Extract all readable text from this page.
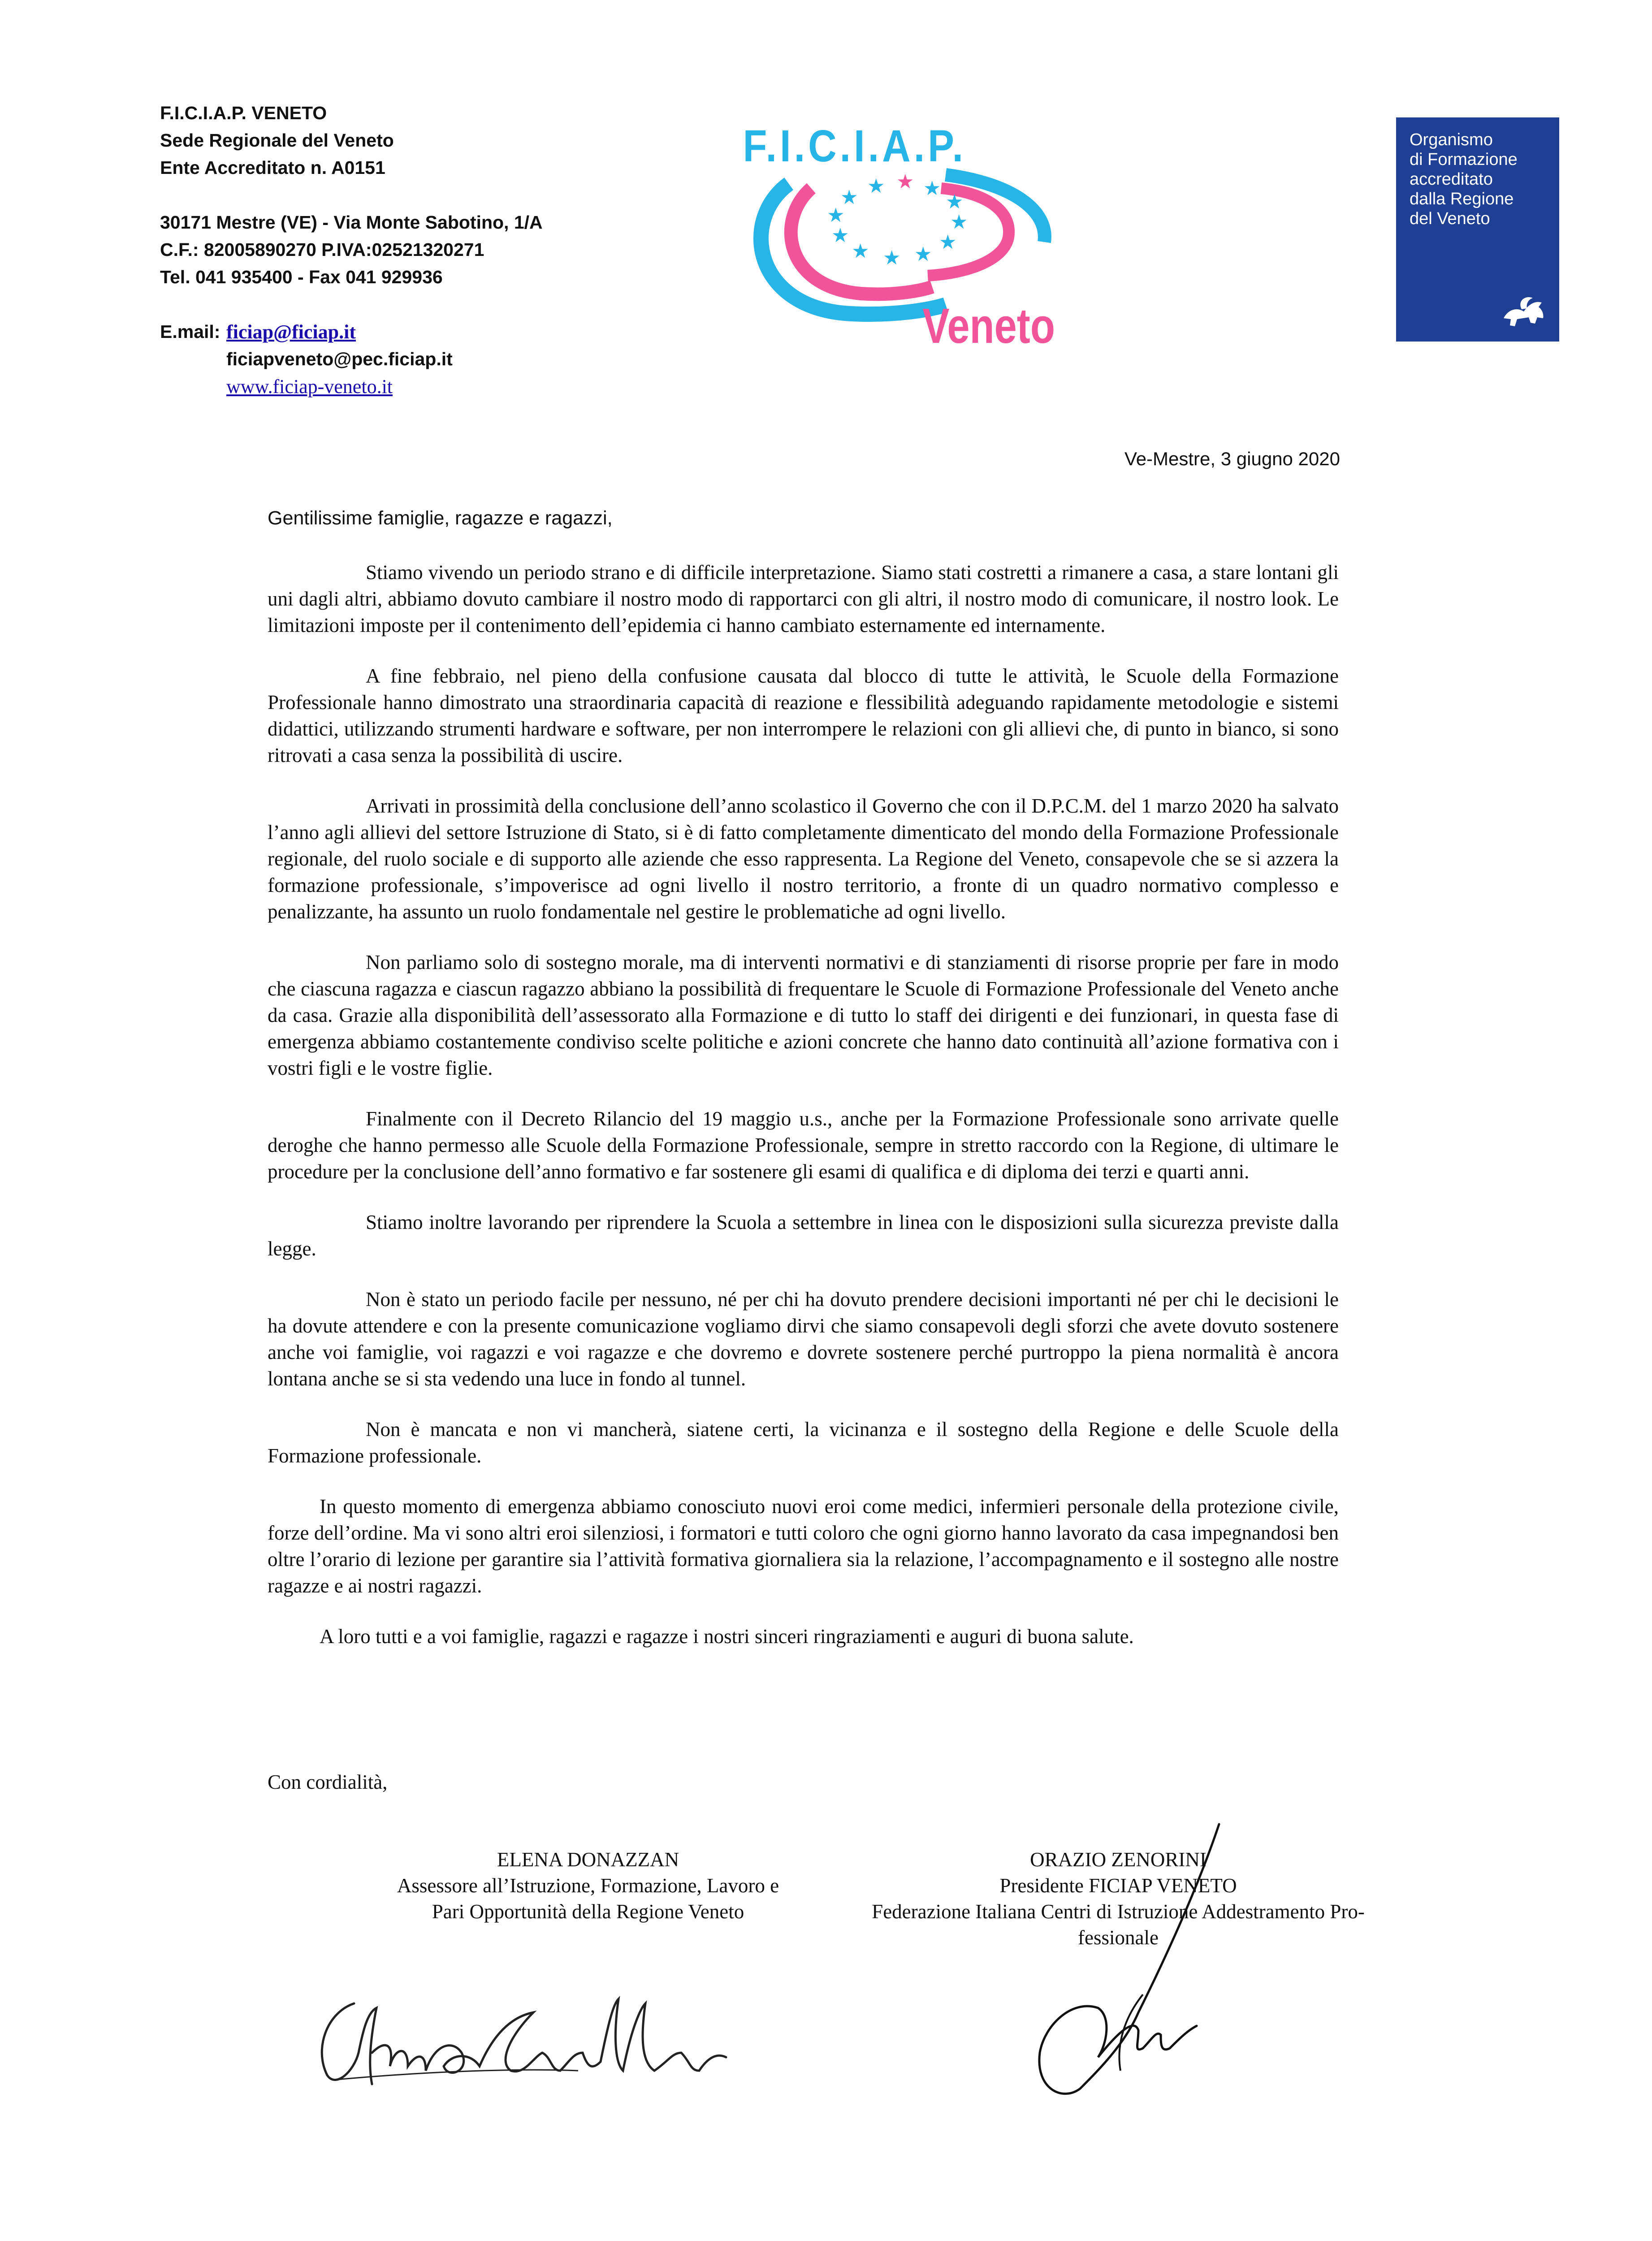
F.I.C.I.A.P. VENETO
Sede Regionale del Veneto
Ente Accreditato n. A0151
30171 Mestre (VE) - Via Monte Sabotino, 1/A
C.F.: 82005890270 P.IVA:02521320271
Tel. 041 935400 - Fax 041 929936
E.mail: ficiap@ficiap.it
ficiapveneto@pec.ficiap.it
www.ficiap-veneto.it
F.I.C.I.A.P.
★ ★ ★
★
★
★
★
★
★
★
★
★
Veneto
Organismo
di Formazione
accreditato
dalla Regione
del Veneto
Ve-Mestre, 3 giugno 2020
Gentilissime famiglie, ragazze e ragazzi,

Stiamo vivendo un periodo strano e di difficile interpretazione. Siamo stati costretti a rimanere a casa, a stare lontani gli uni dagli altri, abbiamo dovuto cambiare il nostro modo di rapportarci con gli altri, il nostro modo di comunicare, il nostro look. Le limitazioni imposte per il contenimento dell’epidemia ci hanno cambiato esternamente ed internamente.

A fine febbraio, nel pieno della confusione causata dal blocco di tutte le attività, le Scuole della Formazione Professionale hanno dimostrato una straordinaria capacità di reazione e flessibilità adeguando rapidamente metodologie e sistemi didattici, utilizzando strumenti hardware e software, per non interrompere le relazioni con gli allievi che, di punto in bianco, si sono ritrovati a casa senza la possibilità di uscire.

Arrivati in prossimità della conclusione dell’anno scolastico il Governo che con il D.P.C.M. del 1 marzo 2020 ha salvato l’anno agli allievi del settore Istruzione di Stato, si è di fatto completamente dimenticato del mondo della Formazione Professionale regionale, del ruolo sociale e di supporto alle aziende che esso rappresenta. La Regione del Veneto, consapevole che se si azzera la formazione professionale, s’impoverisce ad ogni livello il nostro territorio, a fronte di un quadro normativo complesso e penalizzante, ha assunto un ruolo fondamentale nel gestire le problematiche ad ogni livello.

Non parliamo solo di sostegno morale, ma di interventi normativi e di stanziamenti di risorse proprie per fare in modo che ciascuna ragazza e ciascun ragazzo abbiano la possibilità di frequentare le Scuole di Formazione Professionale del Veneto anche da casa. Grazie alla disponibilità dell’assessorato alla Formazione e di tutto lo staff dei dirigenti e dei funzionari, in questa fase di emergenza abbiamo costantemente condiviso scelte politiche e azioni concrete che hanno dato continuità all’azione formativa con i vostri figli e le vostre figlie.

Finalmente con il Decreto Rilancio del 19 maggio u.s., anche per la Formazione Professionale sono arrivate quelle deroghe che hanno permesso alle Scuole della Formazione Professionale, sempre in stretto raccordo con la Regione, di ultimare le procedure per la conclusione dell’anno formativo e far sostenere gli esami di qualifica e di diploma dei terzi e quarti anni.

Stiamo inoltre lavorando per riprendere la Scuola a settembre in linea con le disposizioni sulla sicurezza previste dalla legge.

Non è stato un periodo facile per nessuno, né per chi ha dovuto prendere decisioni importanti né per chi le decisioni le ha dovute attendere e con la presente comunicazione vogliamo dirvi che siamo consapevoli degli sforzi che avete dovuto sostenere anche voi famiglie, voi ragazzi e voi ragazze e che dovremo e dovrete sostenere perché purtroppo la piena normalità è ancora lontana anche se si sta vedendo una luce in fondo al tunnel.

Non è mancata e non vi mancherà, siatene certi, la vicinanza e il sostegno della Regione e delle Scuole della Formazione professionale.

In questo momento di emergenza abbiamo conosciuto nuovi eroi come medici, infermieri personale della protezione civile, forze dell’ordine. Ma vi sono altri eroi silenziosi, i formatori e tutti coloro che ogni giorno hanno lavorato da casa impegnandosi ben oltre l’orario di lezione per garantire sia l’attività formativa giornaliera sia la relazione, l’accompagnamento e il sostegno alle nostre ragazze e ai nostri ragazzi.

A loro tutti e a voi famiglie, ragazzi e ragazze i nostri sinceri ringraziamenti e auguri di buona salute.

Con cordialità,
ELENA DONAZZAN
Assessore all’Istruzione, Formazione, Lavoro e
Pari Opportunità della Regione Veneto
ORAZIO ZENORINI
Presidente FICIAP VENETO
Federazione Italiana Centri di Istruzione Addestramento Pro-
fessionale
